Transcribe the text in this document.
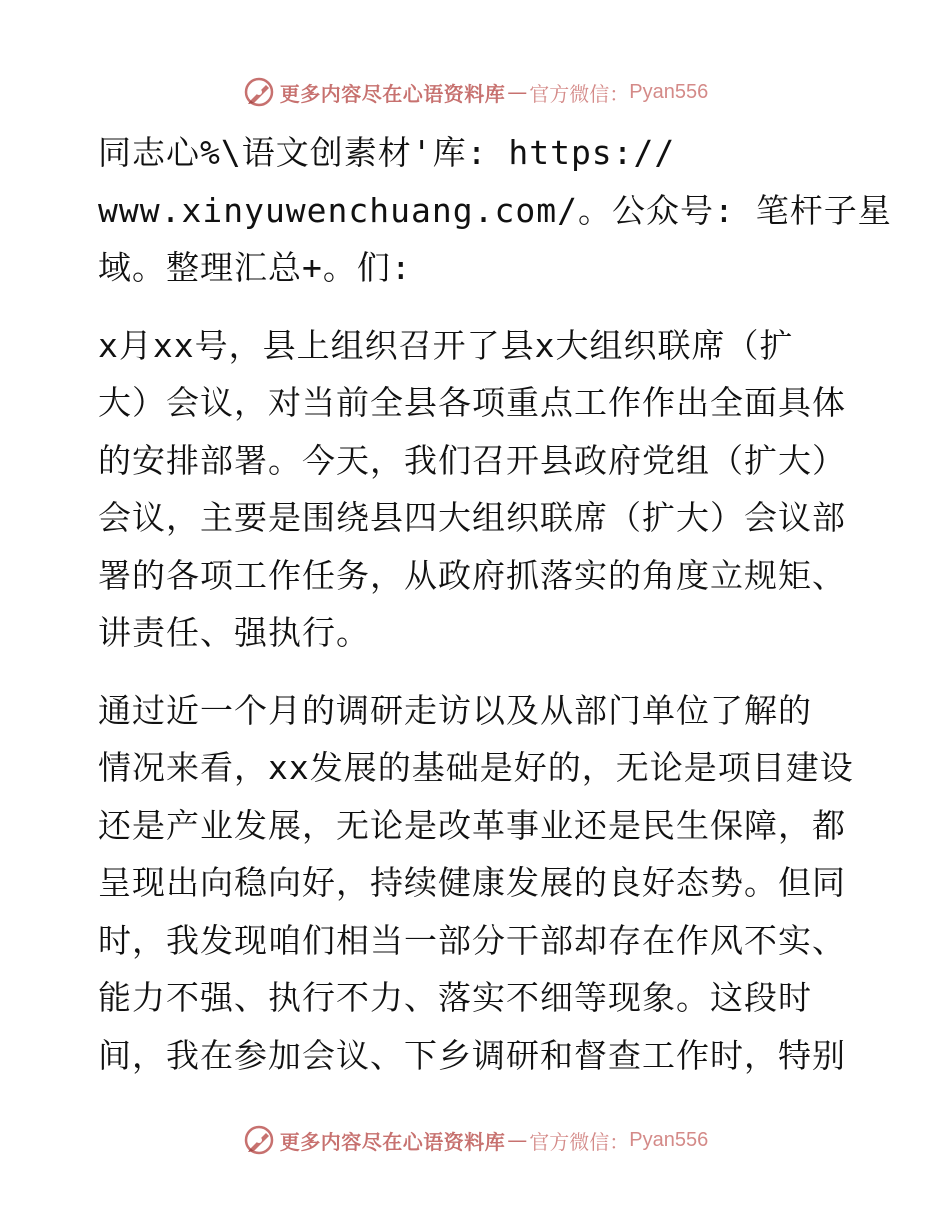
更多内容尽在心语资料库 — 官方微信： Pyan556

同志心%\语文创素材'库: https://
www.xinyuwenchuang.com/。公众号: 笔杆子星
域。整理汇总+。们:

x月xx号，县上组织召开了县x大组织联席（扩
大）会议，对当前全县各项重点工作作出全面具体
的安排部署。今天，我们召开县政府党组（扩大）
会议，主要是围绕县四大组织联席（扩大）会议部
署的各项工作任务，从政府抓落实的角度立规矩、
讲责任、强执行。

通过近一个月的调研走访以及从部门单位了解的
情况来看，xx发展的基础是好的，无论是项目建设
还是产业发展，无论是改革事业还是民生保障，都
呈现出向稳向好，持续健康发展的良好态势。但同
时，我发现咱们相当一部分干部却存在作风不实、
能力不强、执行不力、落实不细等现象。这段时
间，我在参加会议、下乡调研和督查工作时，特别

更多内容尽在心语资料库 — 官方微信： Pyan556
